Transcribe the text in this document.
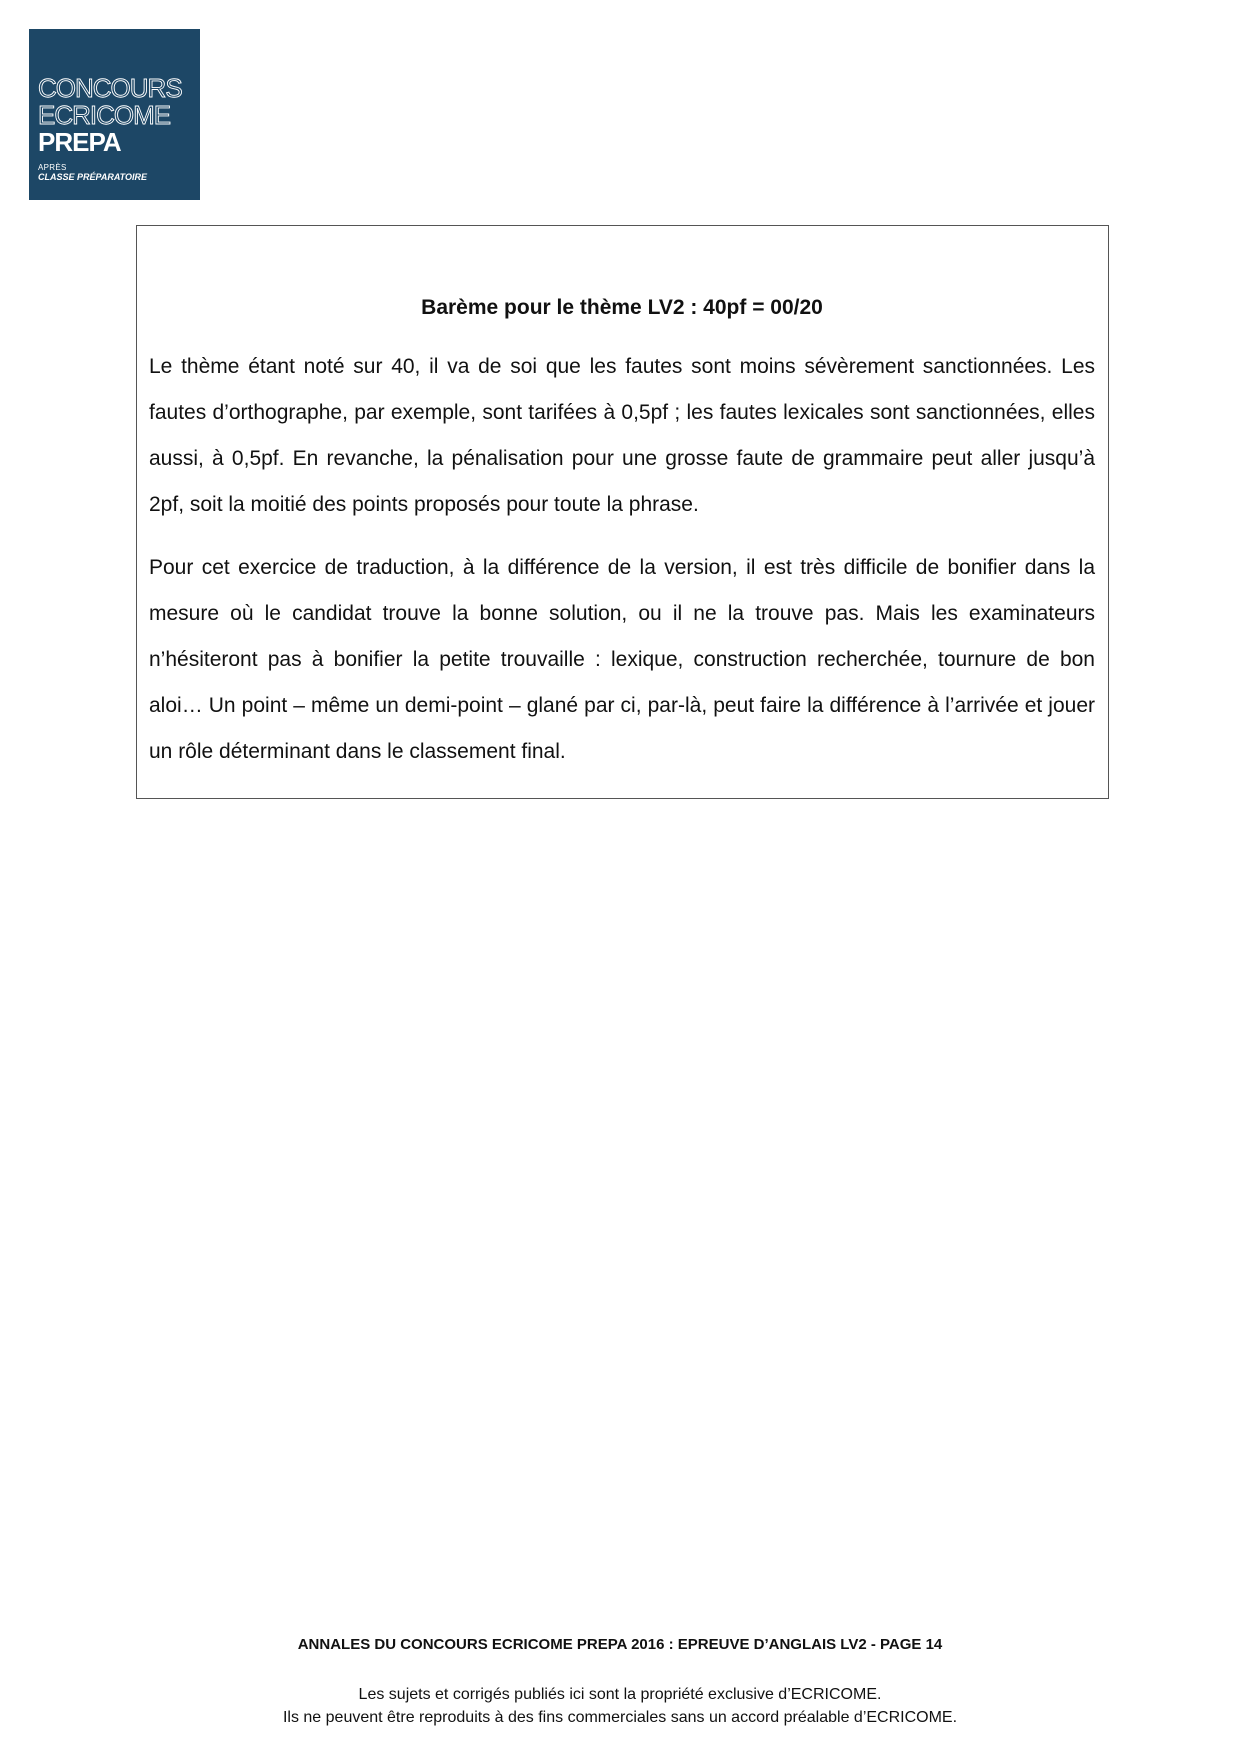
CONCOURS
ECRICOME
PREPA
APRÈS
CLASSE PRÉPARATOIRE
Barème pour le thème LV2 : 40pf = 00/20

Le thème étant noté sur 40, il va de soi que les fautes sont moins sévèrement sanctionnées. Les fautes d’orthographe, par exemple, sont tarifées à 0,5pf ; les fautes lexicales sont sanctionnées, elles aussi, à 0,5pf. En revanche, la pénalisation pour une grosse faute de grammaire peut aller jusqu’à 2pf, soit la moitié des points proposés pour toute la phrase.

Pour cet exercice de traduction, à la différence de la version, il est très difficile de bonifier dans la mesure où le candidat trouve la bonne solution, ou il ne la trouve pas. Mais les examinateurs n’hésiteront pas à bonifier la petite trouvaille : lexique, construction recherchée, tournure de bon aloi… Un point – même un demi-point – glané par ci, par-là, peut faire la différence à l’arrivée et jouer un rôle déterminant dans le classement final.

ANNALES DU CONCOURS ECRICOME PREPA 2016 : EPREUVE D’ANGLAIS LV2 - PAGE 14
Les sujets et corrigés publiés ici sont la propriété exclusive d’ECRICOME.
Ils ne peuvent être reproduits à des fins commerciales sans un accord préalable d’ECRICOME.
